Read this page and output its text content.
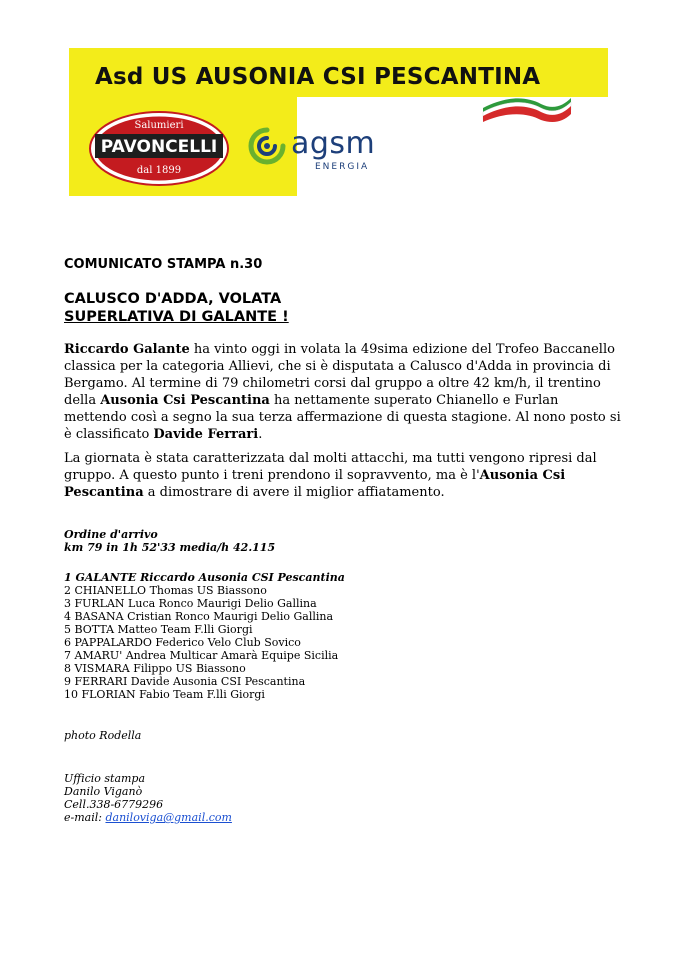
Asd US AUSONIA CSI PESCANTINA
Salumieri
PAVONCELLI
dal 1899
agsm
ENERGIA
COMUNICATO STAMPA n.30
CALUSCO D'ADDA, VOLATA
SUPERLATIVA DI GALANTE !
Riccardo Galante ha vinto oggi in volata la 49sima edizione del Trofeo Baccanello classica per la categoria Allievi, che si è disputata a Calusco d'Adda in provincia di Bergamo. Al termine di 79 chilometri corsi dal gruppo a oltre 42 km/h, il trentino della Ausonia Csi Pescantina ha nettamente superato Chianello e Furlan mettendo così a segno la sua terza affermazione di questa stagione. Al nono posto si è classificato Davide Ferrari.
La giornata è stata caratterizzata dal molti attacchi, ma tutti vengono ripresi dal gruppo. A questo punto i treni prendono il sopravvento, ma è l'Ausonia Csi Pescantina a dimostrare di avere il miglior affiatamento.
Ordine d'arrivo
km 79 in 1h 52'33 media/h 42.115
1 GALANTE Riccardo Ausonia CSI Pescantina
2 CHIANELLO Thomas US Biassono
3 FURLAN Luca Ronco Maurigi Delio Gallina
4 BASANA Cristian Ronco Maurigi Delio Gallina
5 BOTTA Matteo Team F.lli Giorgi
6 PAPPALARDO Federico Velo Club Sovico
7 AMARU' Andrea Multicar Amarà Equipe Sicilia
8 VISMARA Filippo US Biassono
9 FERRARI Davide Ausonia CSI Pescantina
10 FLORIAN Fabio Team F.lli Giorgi
photo Rodella
Ufficio stampa
Danilo Viganò
Cell.338-6779296
e-mail: daniloviga@gmail.com
